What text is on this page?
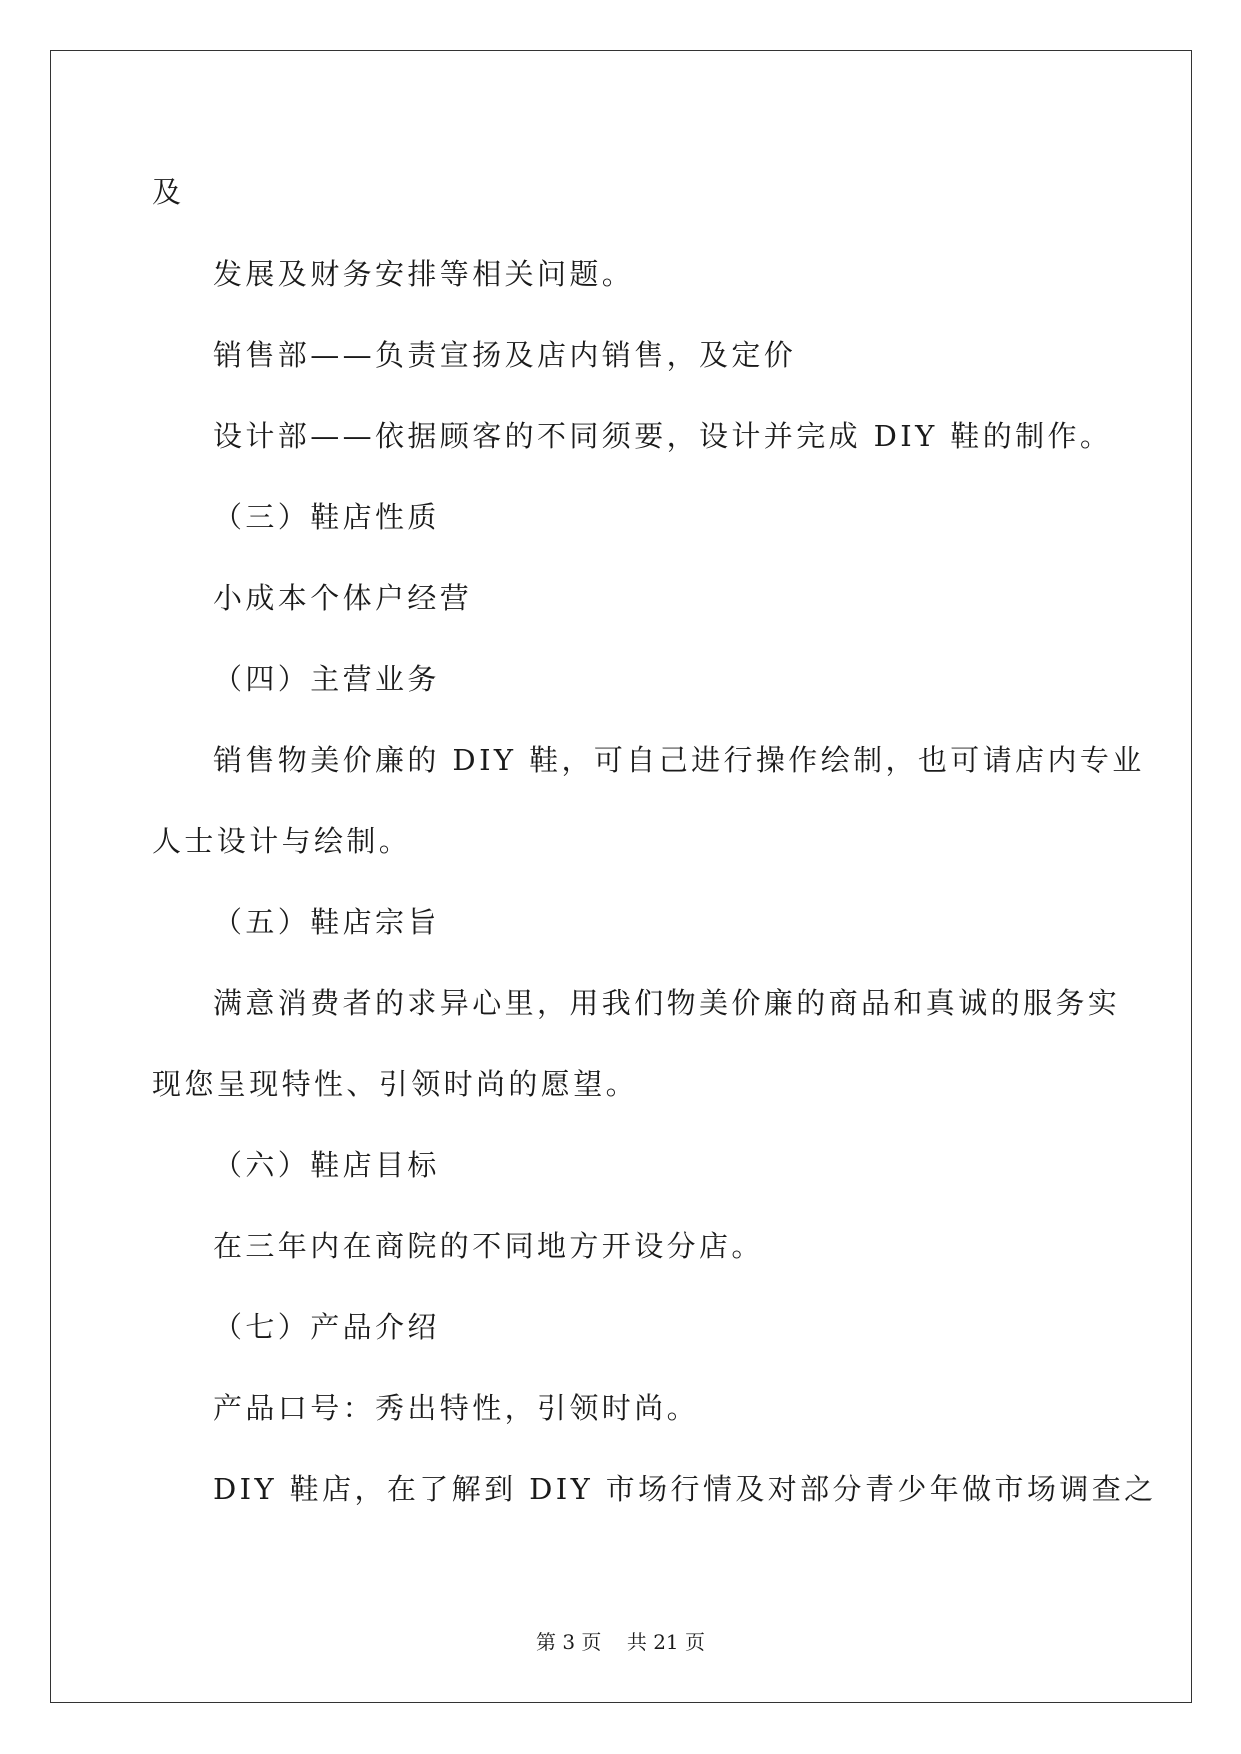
及
发展及财务安排等相关问题。
销售部——负责宣扬及店内销售，及定价
设计部——依据顾客的不同须要，设计并完成 DIY 鞋的制作。
（三）鞋店性质
小成本个体户经营
（四）主营业务
销售物美价廉的 DIY 鞋，可自己进行操作绘制，也可请店内专业
人士设计与绘制。
（五）鞋店宗旨
满意消费者的求异心里，用我们物美价廉的商品和真诚的服务实
现您呈现特性、引领时尚的愿望。
（六）鞋店目标
在三年内在商院的不同地方开设分店。
（七）产品介绍
产品口号：秀出特性，引领时尚。
DIY 鞋店，在了解到 DIY 市场行情及对部分青少年做市场调查之
第 3 页    共 21 页
